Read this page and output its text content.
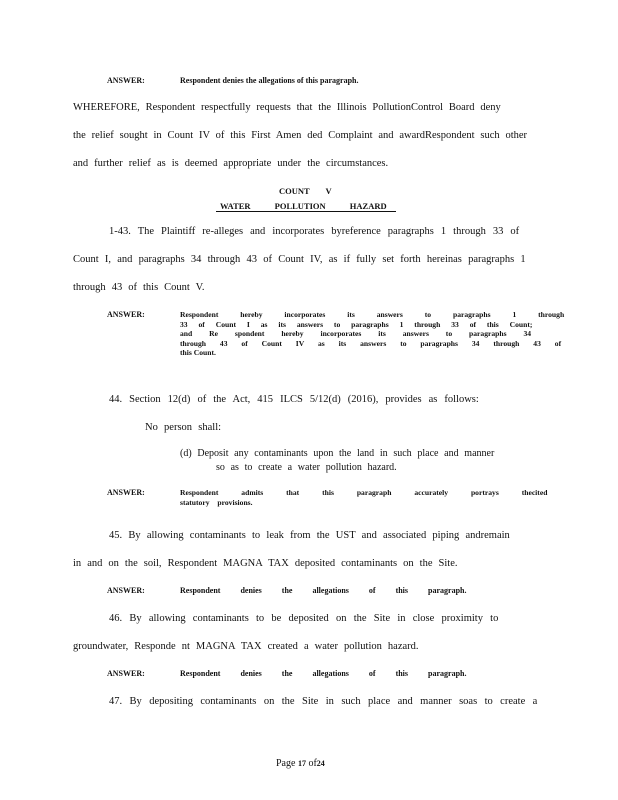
ANSWER:	Respondent denies the allegations of this paragraph.
WHEREFORE, Respondent respectfully requests that the Illinois PollutionControl Board deny
the relief sought in Count IV of this First Amen ded Complaint and awardRespondent such other
and further relief as is deemed appropriate under the circumstances.
COUNT V
WATER POLLUTION HAZARD
1-43. The Plaintiff re-alleges and incorporates byreference paragraphs 1 through 33 of
Count I, and paragraphs 34 through 43 of Count IV, as if fully set forth hereinas paragraphs 1
through 43 of this Count V.
ANSWER:	Respondent hereby incorporates its answers to paragraphs 1 through
33 of Count I as its answers to paragraphs 1 through 33 of this Count;
and Re spondent hereby incorporates its answers to paragraphs 34
through 43 of Count IV as its answers to paragraphs 34 through 43 of
this Count.
44. Section 12(d) of the Act, 415 ILCS 5/12(d) (2016), provides as follows:
No person shall:
(d) Deposit any contaminants upon the land in such place and manner
so as to create a water pollution hazard.
ANSWER:	Respondent admits that this paragraph accurately portrays thecited
statutory provisions.
45. By allowing contaminants to leak from the UST and associated piping andremain
in and on the soil, Respondent MAGNA TAX deposited contaminants on the Site.
ANSWER:	Respondent denies the allegations of this paragraph.
46. By allowing contaminants to be deposited on the Site in close proximity to
groundwater, Responde nt MAGNA TAX created a water pollution hazard.
ANSWER:	Respondent denies the allegations of this paragraph.
47. By depositing contaminants on the Site in such place and manner soas to create a
Page 17 of24
